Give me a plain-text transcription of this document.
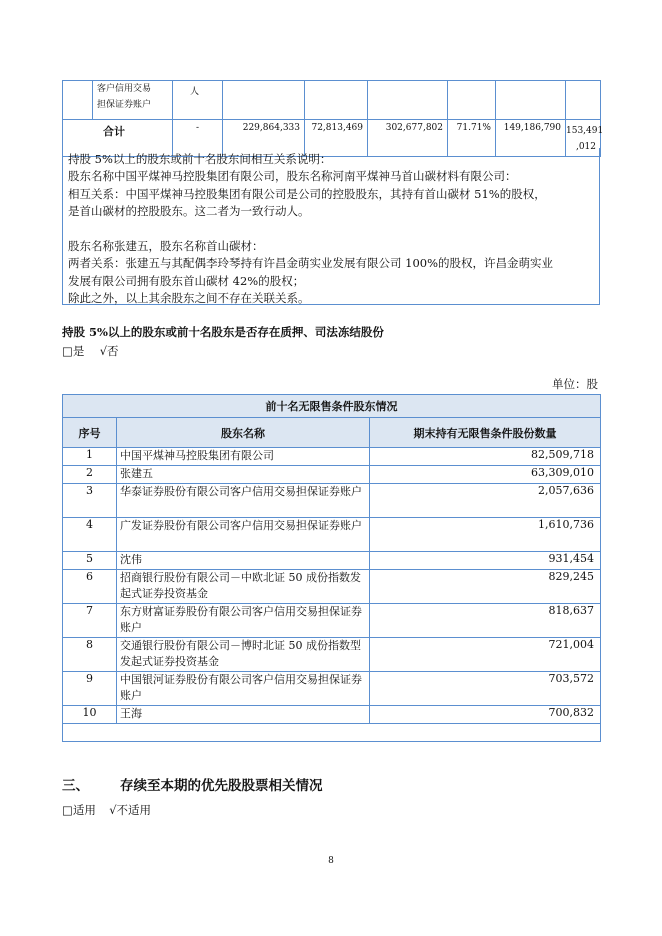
	客户信用交易
担保证券账户	人						
合计		-	229,864,333	72,813,469	302,677,802	71.71%	149,186,790	153,491
,012
持股 5%以上的股东或前十名股东间相互关系说明：
股东名称中国平煤神马控股集团有限公司，股东名称河南平煤神马首山碳材料有限公司：
相互关系：中国平煤神马控股集团有限公司是公司的控股股东，其持有首山碳材 51%的股权，
是首山碳材的控股股东。这二者为一致行动人。

股东名称张建五，股东名称首山碳材：
两者关系：张建五与其配偶李玲琴持有许昌金萌实业发展有限公司 100%的股权，许昌金萌实业
发展有限公司拥有股东首山碳材 42%的股权；
除此之外，以上其余股东之间不存在关联关系。
持股 5%以上的股东或前十名股东是否存在质押、司法冻结股份
□是 √否
单位：股
前十名无限售条件股东情况		
序号	股东名称	期末持有无限售条件股份数量
1	中国平煤神马控股集团有限公司	82,509,718
2	张建五	63,309,010
3	华泰证券股份有限公司客户信用交易担保证券账户	2,057,636
4	广发证券股份有限公司客户信用交易担保证券账户	1,610,736
5	沈伟	931,454
6	招商银行股份有限公司－中欧北证 50 成份指数发起式证券投资基金	829,245
7	东方财富证券股份有限公司客户信用交易担保证券账户	818,637
8	交通银行股份有限公司－博时北证 50 成份指数型发起式证券投资基金	721,004
9	中国银河证券股份有限公司客户信用交易担保证券账户	703,572
10	王海	700,832

三、 存续至本期的优先股股票相关情况
□适用 √不适用
8
